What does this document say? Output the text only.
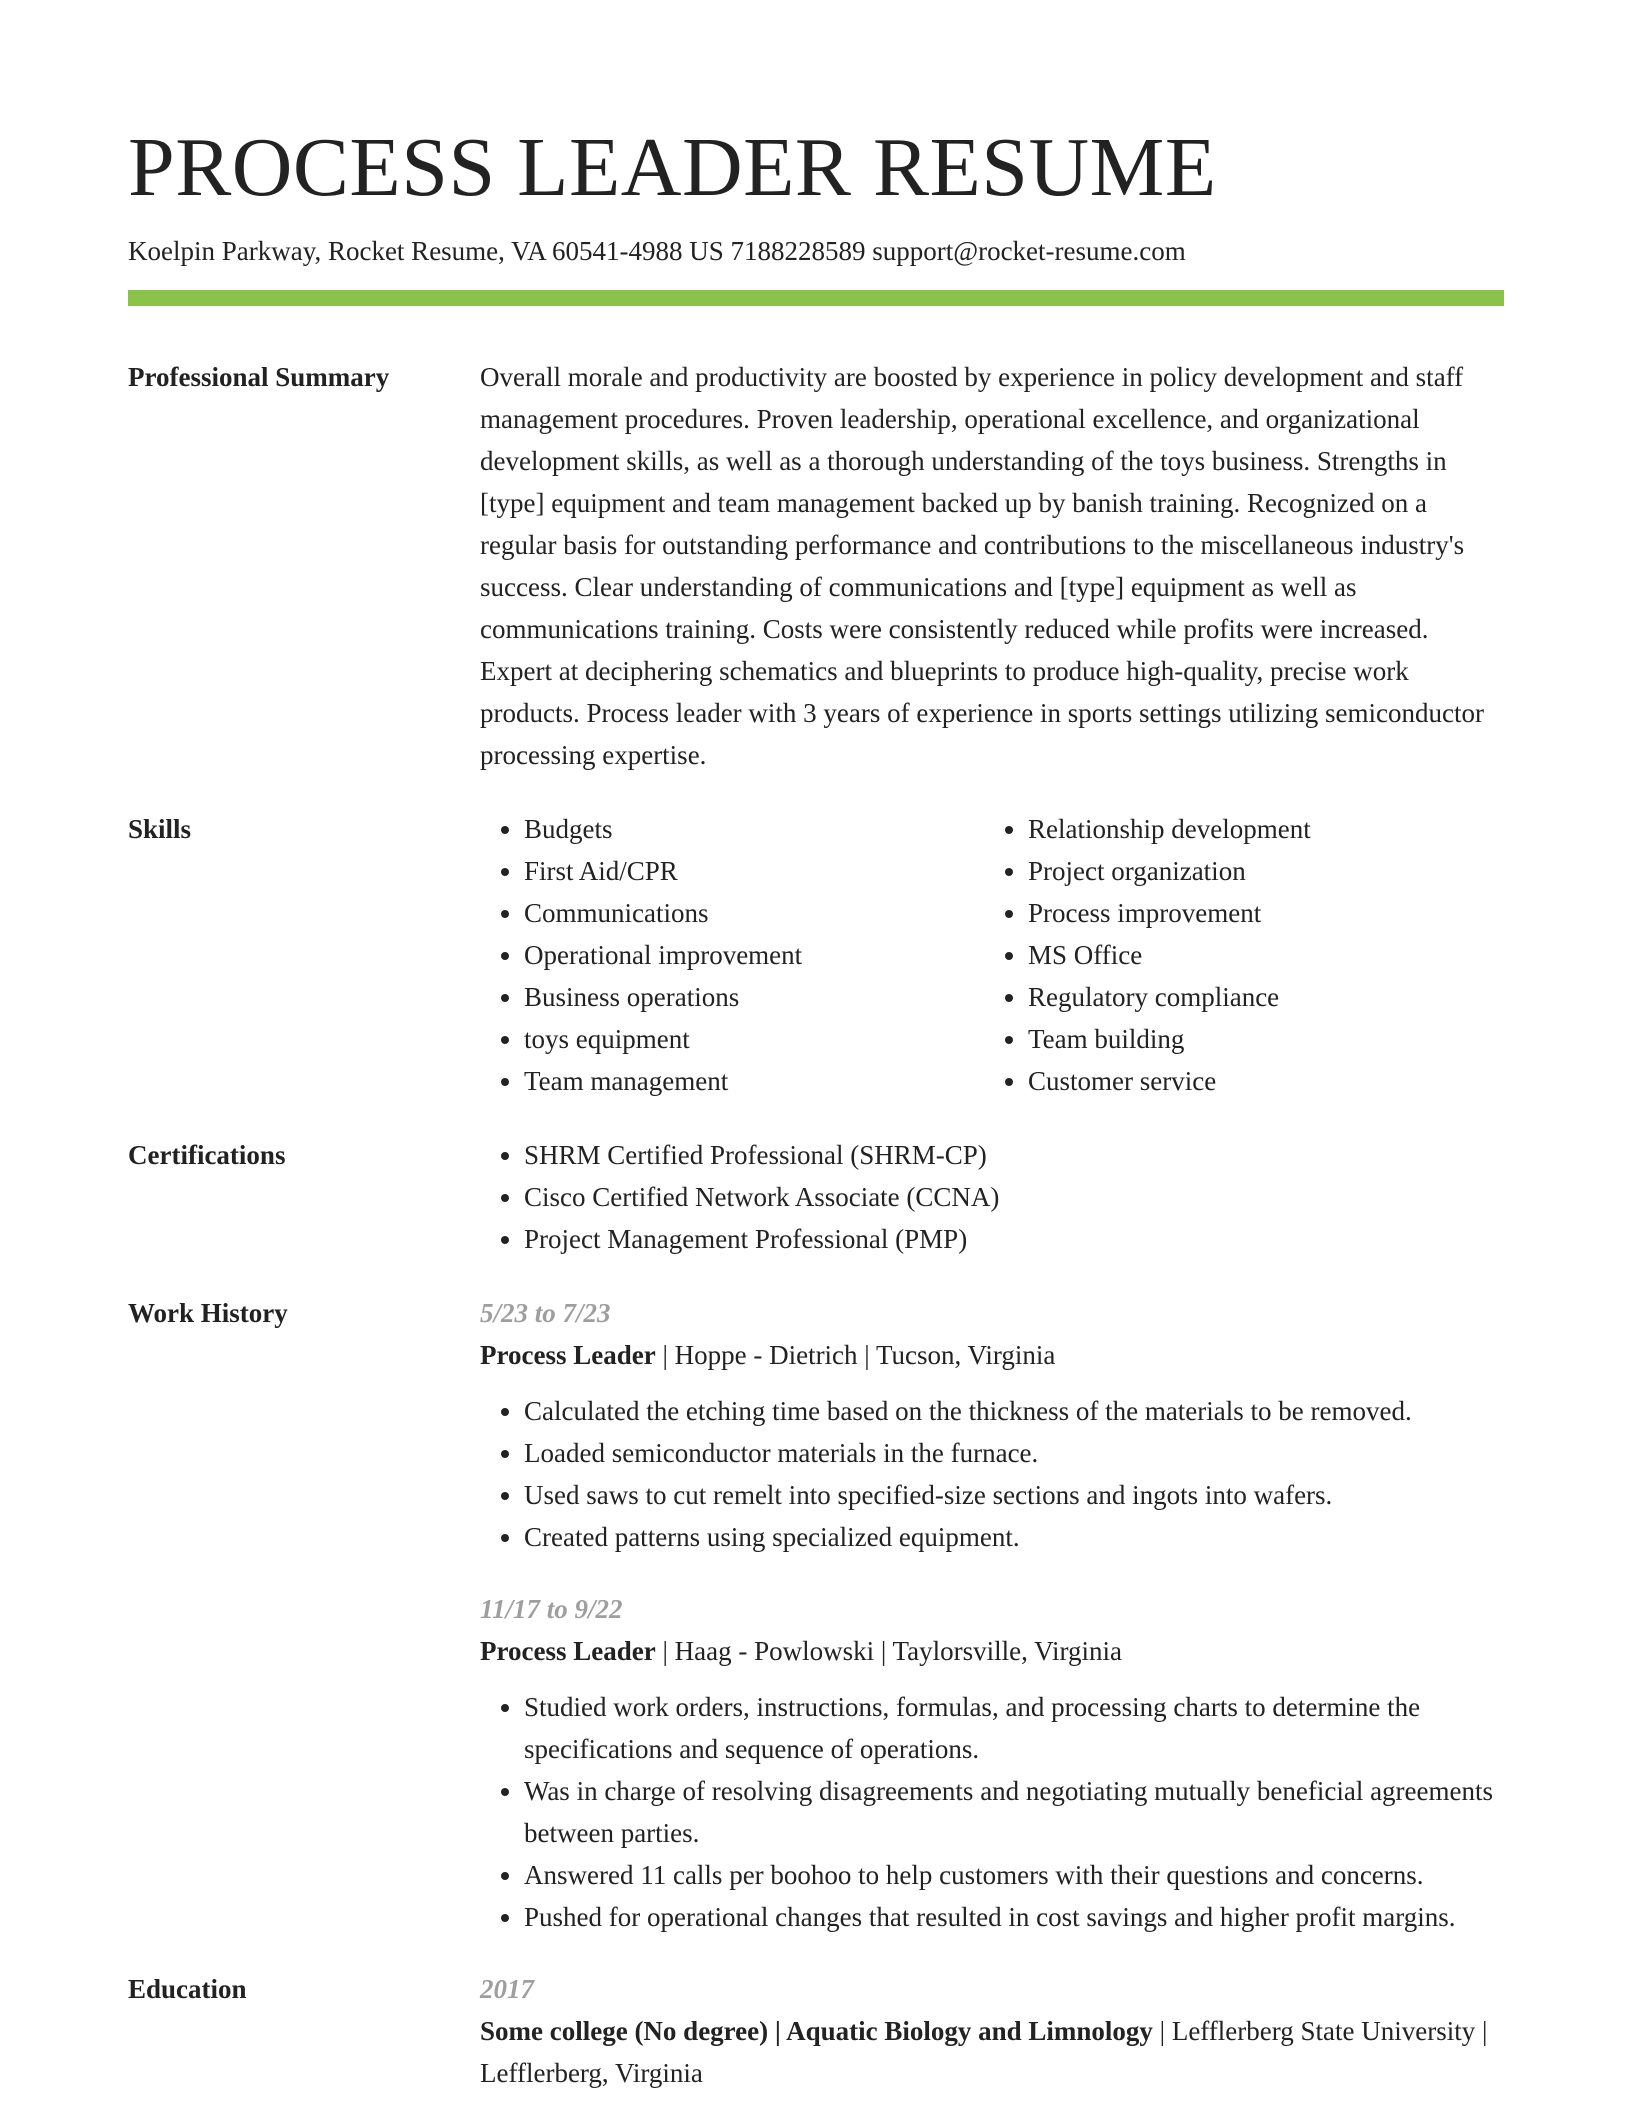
PROCESS LEADER RESUME
Koelpin Parkway, Rocket Resume, VA 60541-4988 US 7188228589 support@rocket-resume.com
Professional Summary	Overall morale and productivity are boosted by experience in policy development and staff management procedures. Proven leadership, operational excellence, and organizational development skills, as well as a thorough understanding of the toys business. Strengths in [type] equipment and team management backed up by banish training. Recognized on a regular basis for outstanding performance and contributions to the miscellaneous industry's success. Clear understanding of communications and [type] equipment as well as communications training. Costs were consistently reduced while profits were increased. Expert at deciphering schematics and blueprints to produce high-quality, precise work products. Process leader with 3 years of experience in sports settings utilizing semiconductor processing expertise.

Skills	• Budgets
• First Aid/CPR
• Communications
• Operational improvement
• Business operations
• toys equipment
• Team management
• Relationship development
• Project organization
• Process improvement
• MS Office
• Regulatory compliance
• Team building
• Customer service
Certifications	• SHRM Certified Professional (SHRM-CP)
• Cisco Certified Network Associate (CCNA)
• Project Management Professional (PMP)
Work History	5/23 to 7/23
Process Leader | Hoppe - Dietrich | Tucson, Virginia
• Calculated the etching time based on the thickness of the materials to be removed.
• Loaded semiconductor materials in the furnace.
• Used saws to cut remelt into specified-size sections and ingots into wafers.
• Created patterns using specialized equipment.
11/17 to 9/22
Process Leader | Haag - Powlowski | Taylorsville, Virginia
• Studied work orders, instructions, formulas, and processing charts to determine the specifications and sequence of operations.
• Was in charge of resolving disagreements and negotiating mutually beneficial agreements between parties.
• Answered 11 calls per boohoo to help customers with their questions and concerns.
• Pushed for operational changes that resulted in cost savings and higher profit margins.
Education	2017
Some college (No degree) | Aquatic Biology and Limnology | Lefflerberg State University | Lefflerberg, Virginia
